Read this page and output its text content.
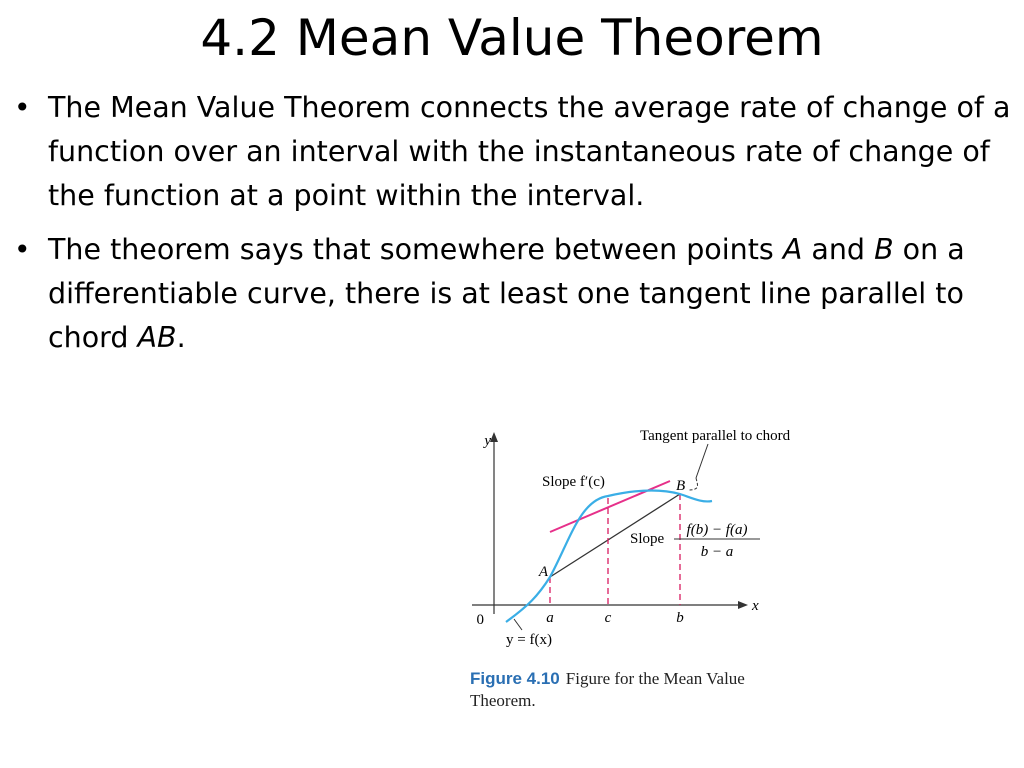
4.2 Mean Value Theorem
• The Mean Value Theorem connects the average rate of change of a function over an interval with the instantaneous rate of change of the function at a point within the interval.
• The theorem says that somewhere between points A and B on a differentiable curve, there is at least one tangent line parallel to chord AB.
y
x
0
A
B
a	c	b
y = f(x)
Tangent parallel to chord
Slope f′(c)
Slope
f(b) − f(a)
b − a
Figure 4.10 Figure for the Mean Value Theorem.
